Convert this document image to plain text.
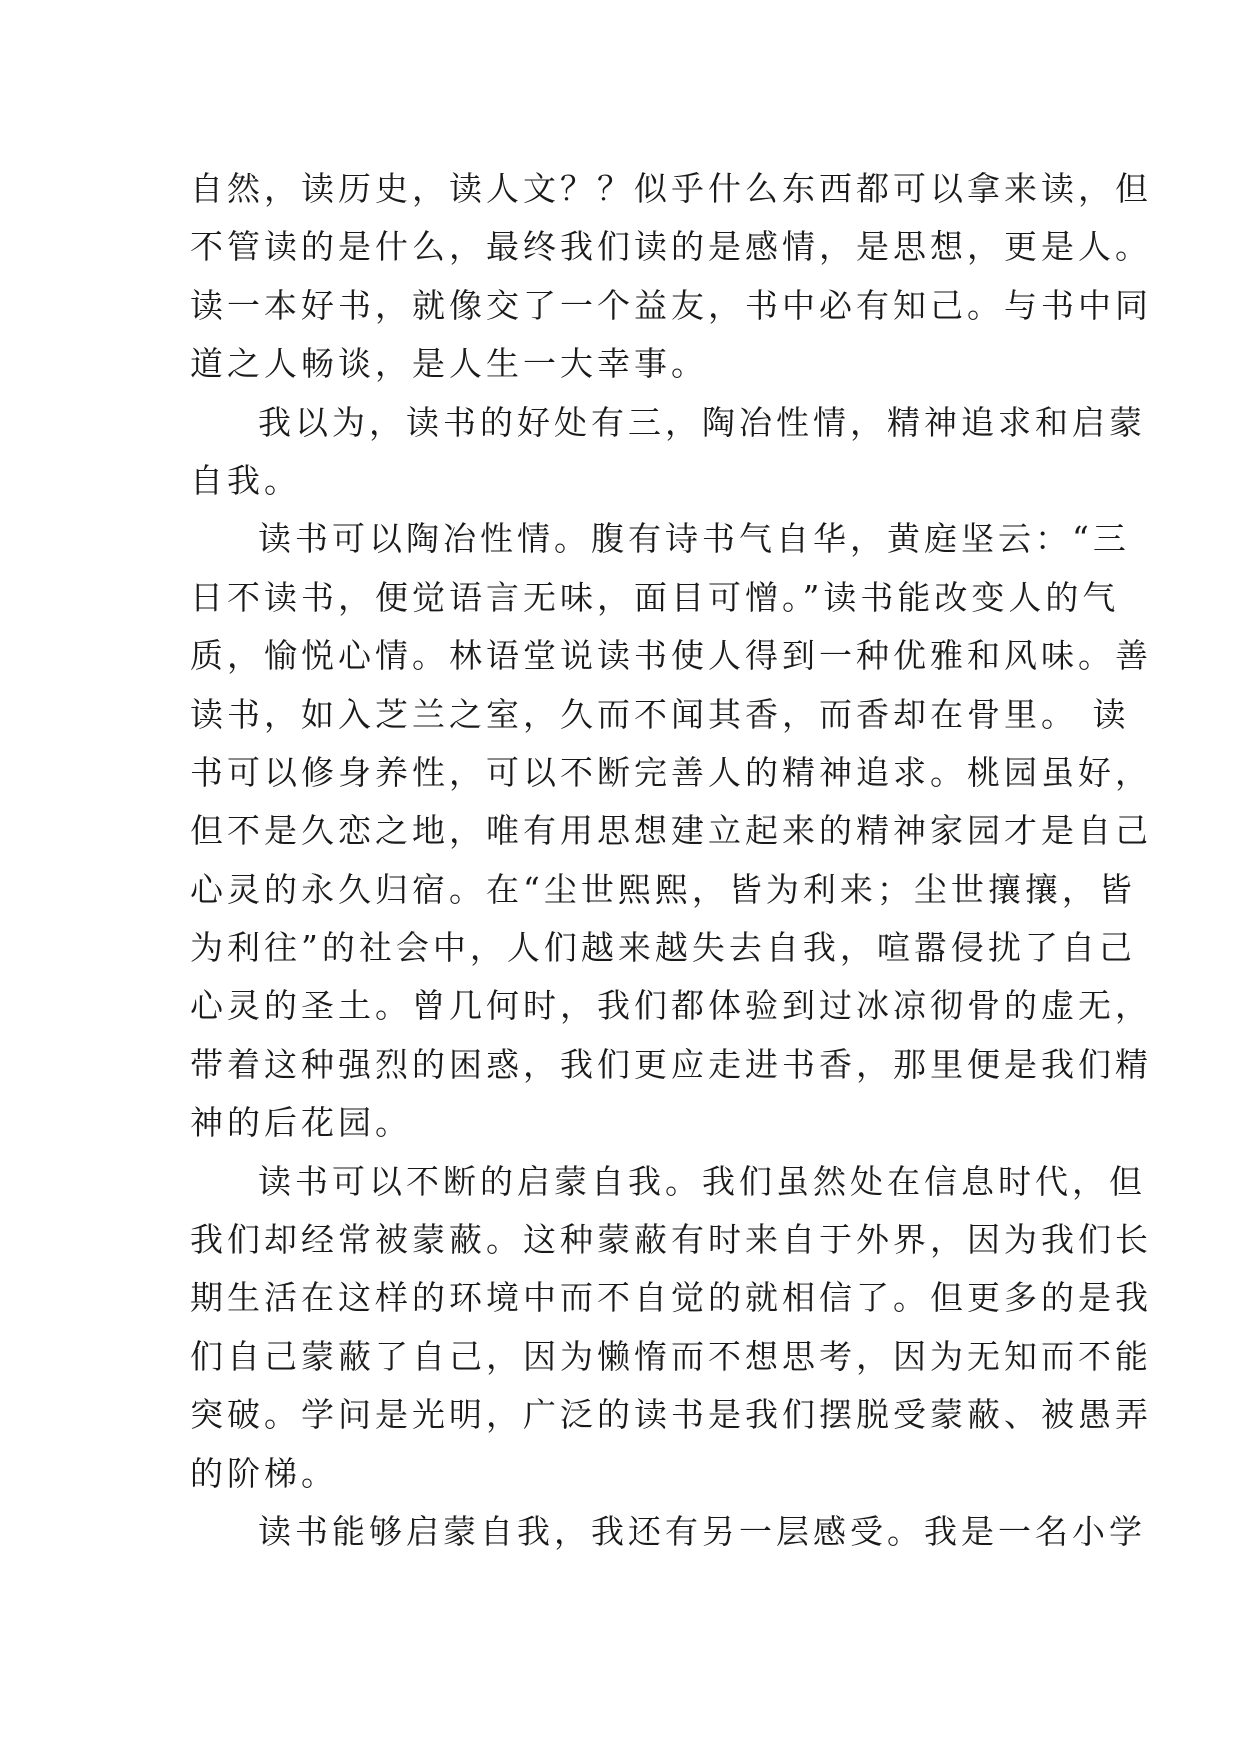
自然，读历史，读人文？？似乎什么东西都可以拿来读，但
不管读的是什么，最终我们读的是感情，是思想，更是人。
读一本好书，就像交了一个益友，书中必有知己。与书中同
道之人畅谈，是人生一大幸事。
我以为，读书的好处有三，陶冶性情，精神追求和启蒙
自我。
读书可以陶冶性情。腹有诗书气自华，黄庭坚云：“三
日不读书，便觉语言无味，面目可憎。”读书能改变人的气
质，愉悦心情。林语堂说读书使人得到一种优雅和风味。善
读书，如入芝兰之室，久而不闻其香，而香却在骨里。 读
书可以修身养性，可以不断完善人的精神追求。桃园虽好，
但不是久恋之地，唯有用思想建立起来的精神家园才是自己
心灵的永久归宿。在“尘世熙熙，皆为利来；尘世攘攘，皆
为利往”的社会中，人们越来越失去自我，喧嚣侵扰了自己
心灵的圣土。曾几何时，我们都体验到过冰凉彻骨的虚无，
带着这种强烈的困惑，我们更应走进书香，那里便是我们精
神的后花园。
读书可以不断的启蒙自我。我们虽然处在信息时代，但
我们却经常被蒙蔽。这种蒙蔽有时来自于外界，因为我们长
期生活在这样的环境中而不自觉的就相信了。但更多的是我
们自己蒙蔽了自己，因为懒惰而不想思考，因为无知而不能
突破。学问是光明，广泛的读书是我们摆脱受蒙蔽、被愚弄
的阶梯。
读书能够启蒙自我，我还有另一层感受。我是一名小学
